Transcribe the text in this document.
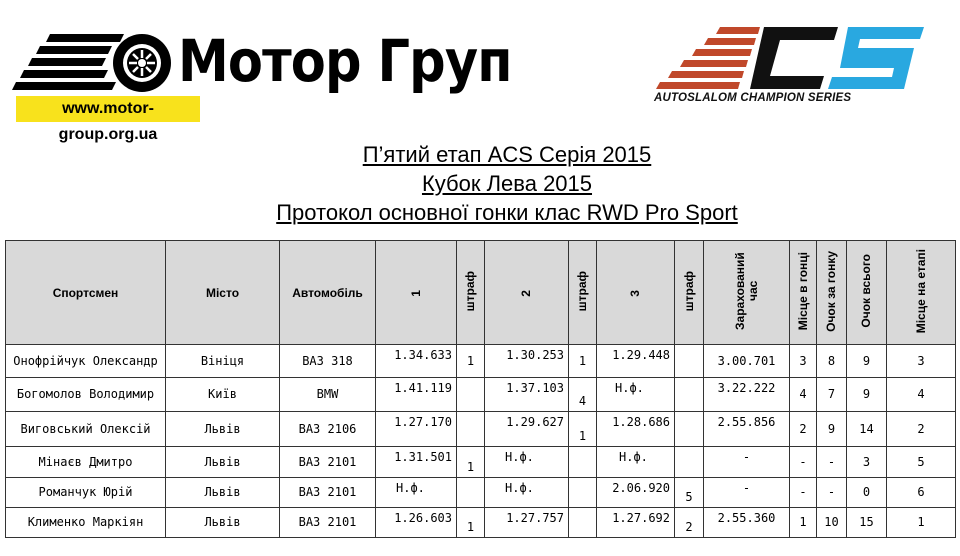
Мотор Груп
www.motor-group.org.ua
AUTOSLALOM CHAMPION SERIES
П’ятий етап ACS Серія 2015
Кубок Лева 2015
Протокол основної гонки клас RWD Pro Sport
Спортсмен	Місто	Автомобіль	1	штраф	2	штраф	3	штраф	Зарахований час	Місце в гонці	Очок за гонку	Очок всього	Місце на етапі
Онофрійчук Олександр	Вініця	ВАЗ 318	1.34.633	1	1.30.253	1	1.29.448		3.00.701	3	8	9	3
Богомолов Володимир	Київ	BMW	1.41.119		1.37.103	4	Н.ф.		3.22.222	4	7	9	4
Виговський Олексій	Львів	ВАЗ 2106	1.27.170		1.29.627	1	1.28.686		2.55.856	2	9	14	2
Мінаєв Дмитро	Львів	ВАЗ 2101	1.31.501	1	Н.ф.		Н.ф.		-	-	-	3	5
Романчук Юрій	Львів	ВАЗ 2101	Н.ф.		Н.ф.		2.06.920	5	-	-	-	0	6
Клименко Маркіян	Львів	ВАЗ 2101	1.26.603	1	1.27.757		1.27.692	2	2.55.360	1	10	15	1
